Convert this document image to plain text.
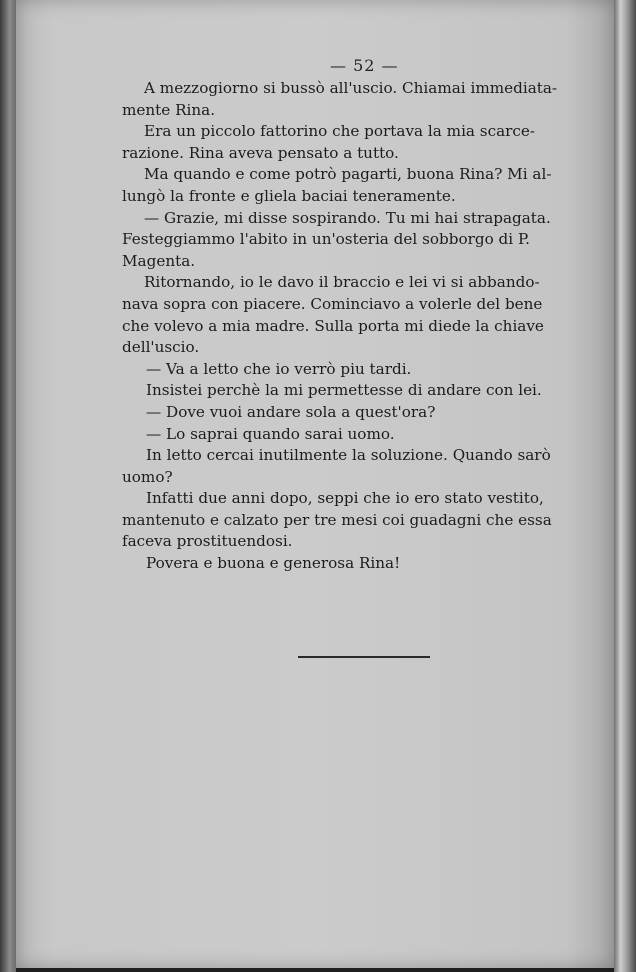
— 52 —
A mezzogiorno si bussò all'uscio. Chiamai immediata-
mente Rina.
Era un piccolo fattorino che portava la mia scarce-
razione. Rina aveva pensato a tutto.
Ma quando e come potrò pagarti, buona Rina? Mi al-
lungò la fronte e gliela baciai teneramente.
— Grazie, mi disse sospirando. Tu mi hai strapagata.
Festeggiammo l'abito in un'osteria del sobborgo di P.
Magenta.
Ritornando, io le davo il braccio e lei vi si abbando-
nava sopra con piacere. Cominciavo a volerle del bene
che volevo a mia madre. Sulla porta mi diede la chiave
dell'uscio.
— Va a letto che io verrò piu tardi.
Insistei perchè la mi permettesse di andare con lei.
— Dove vuoi andare sola a quest'ora?
— Lo saprai quando sarai uomo.
In letto cercai inutilmente la soluzione. Quando sarò
uomo?
Infatti due anni dopo, seppi che io ero stato vestito,
mantenuto e calzato per tre mesi coi guadagni che essa
faceva prostituendosi.
Povera e buona e generosa Rina!
